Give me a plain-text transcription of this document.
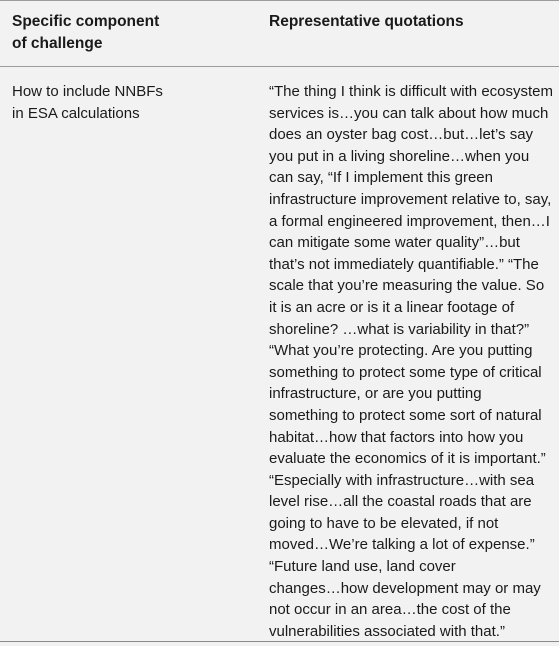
Specific component
of challenge
Representative quotations
How to include NNBFs
in ESA calculations
“The thing I think is difficult with ecosystem
services is…you can talk about how much
does an oyster bag cost…but…let’s say
you put in a living shoreline…when you
can say, “If I implement this green
infrastructure improvement relative to, say,
a formal engineered improvement, then…I
can mitigate some water quality”…but
that’s not immediately quantifiable.” “The
scale that you’re measuring the value. So
it is an acre or is it a linear footage of
shoreline? …what is variability in that?”
“What you’re protecting. Are you putting
something to protect some type of critical
infrastructure, or are you putting
something to protect some sort of natural
habitat…how that factors into how you
evaluate the economics of it is important.”
“Especially with infrastructure…with sea
level rise…all the coastal roads that are
going to have to be elevated, if not
moved…We’re talking a lot of expense.”
“Future land use, land cover
changes…how development may or may
not occur in an area…the cost of the
vulnerabilities associated with that.”
